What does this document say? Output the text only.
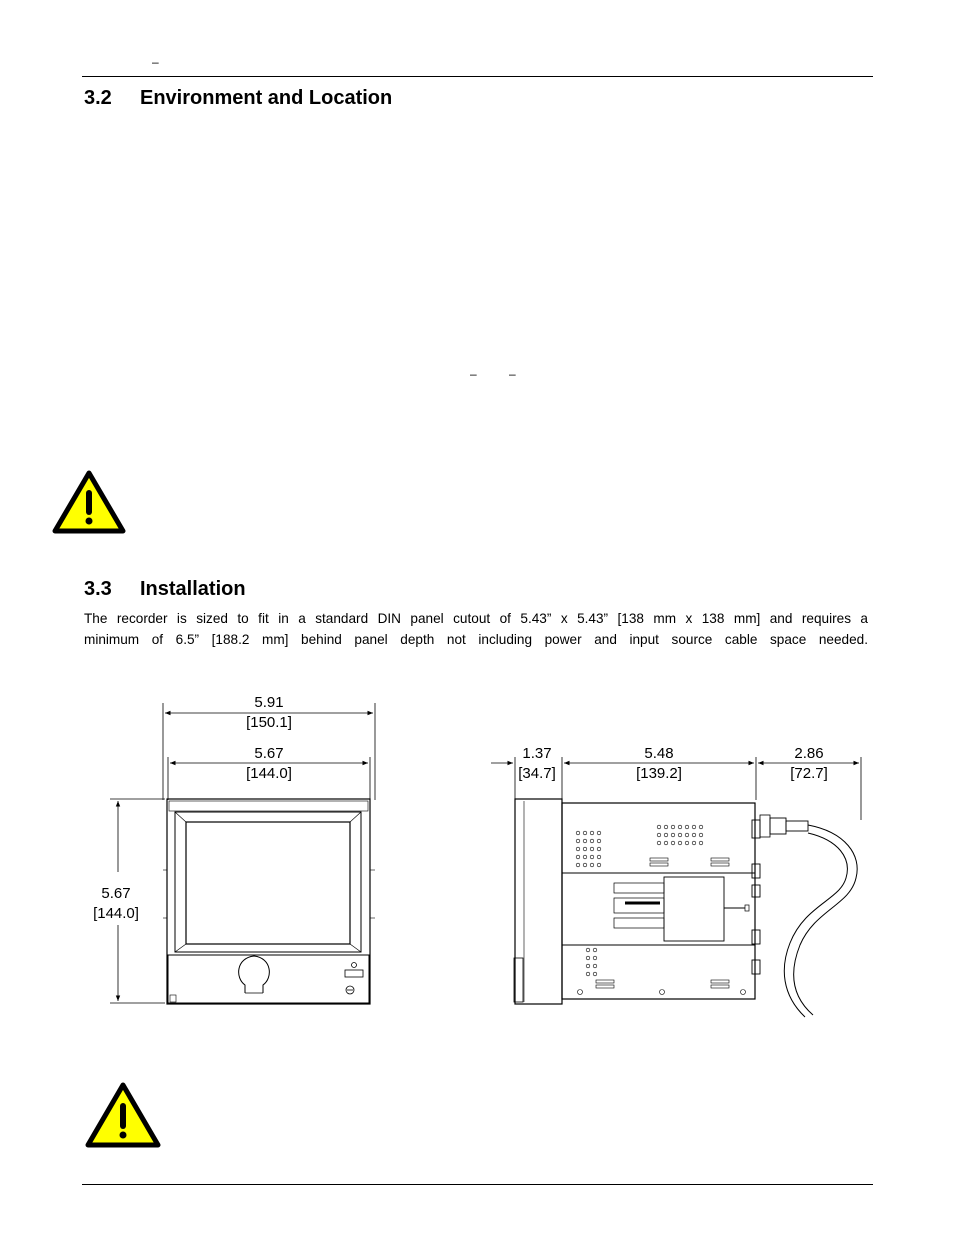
–
3.2 Environment and Location
–	–
3.3 Installation

The recorder is sized to fit in a standard DIN panel cutout of 5.43” x 5.43” [138 mm x 138 mm] and requires a
minimum of 6.5” [188.2 mm] behind panel depth not including power and input source cable space needed.

5.91
[150.1]
5.67
[144.0]
5.67
[144.0]
1.37
[34.7]
5.48
[139.2]
2.86
[72.7]
